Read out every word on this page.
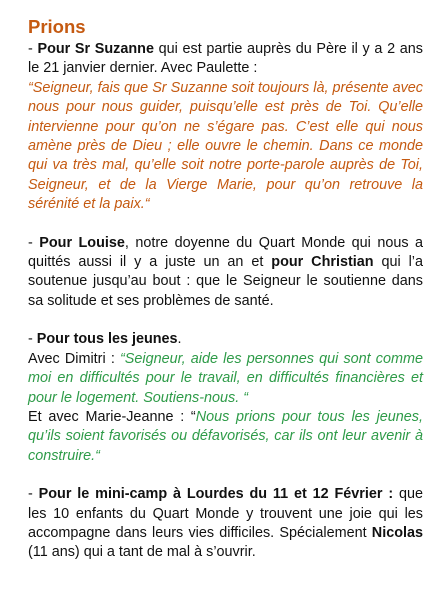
Prions

- Pour Sr Suzanne qui est partie auprès du Père il y a 2 ans le 21 janvier dernier. Avec Paulette :

“Seigneur, fais que Sr Suzanne soit toujours là, présente avec nous pour nous guider, puisqu’elle est près de Toi. Qu’elle intervienne pour qu’on ne s’égare pas. C’est elle qui nous amène près de Dieu ; elle ouvre le chemin. Dans ce monde qui va très mal, qu’elle soit notre porte-parole auprès de Toi, Seigneur, et de la Vierge Marie, pour qu’on retrouve la sérénité et la paix.“

- Pour Louise, notre doyenne du Quart Monde qui nous a quittés aussi il y a juste un an et pour Christian qui l’a soutenue jusqu’au bout : que le Seigneur le soutienne dans sa solitude et ses problèmes de santé.

- Pour tous les jeunes.

Avec Dimitri : “Seigneur, aide les personnes qui sont comme moi en difficultés pour le travail, en difficultés financières et pour le logement. Soutiens-nous. “

Et avec Marie-Jeanne : “Nous prions pour tous les jeunes, qu’ils soient favorisés ou défavorisés, car ils ont leur avenir à construire.“

- Pour le mini-camp à Lourdes du 11 et 12 Février : que les 10 enfants du Quart Monde y trouvent une joie qui les accompagne dans leurs vies difficiles. Spécialement Nicolas (11 ans) qui a tant de mal à s’ouvrir.
